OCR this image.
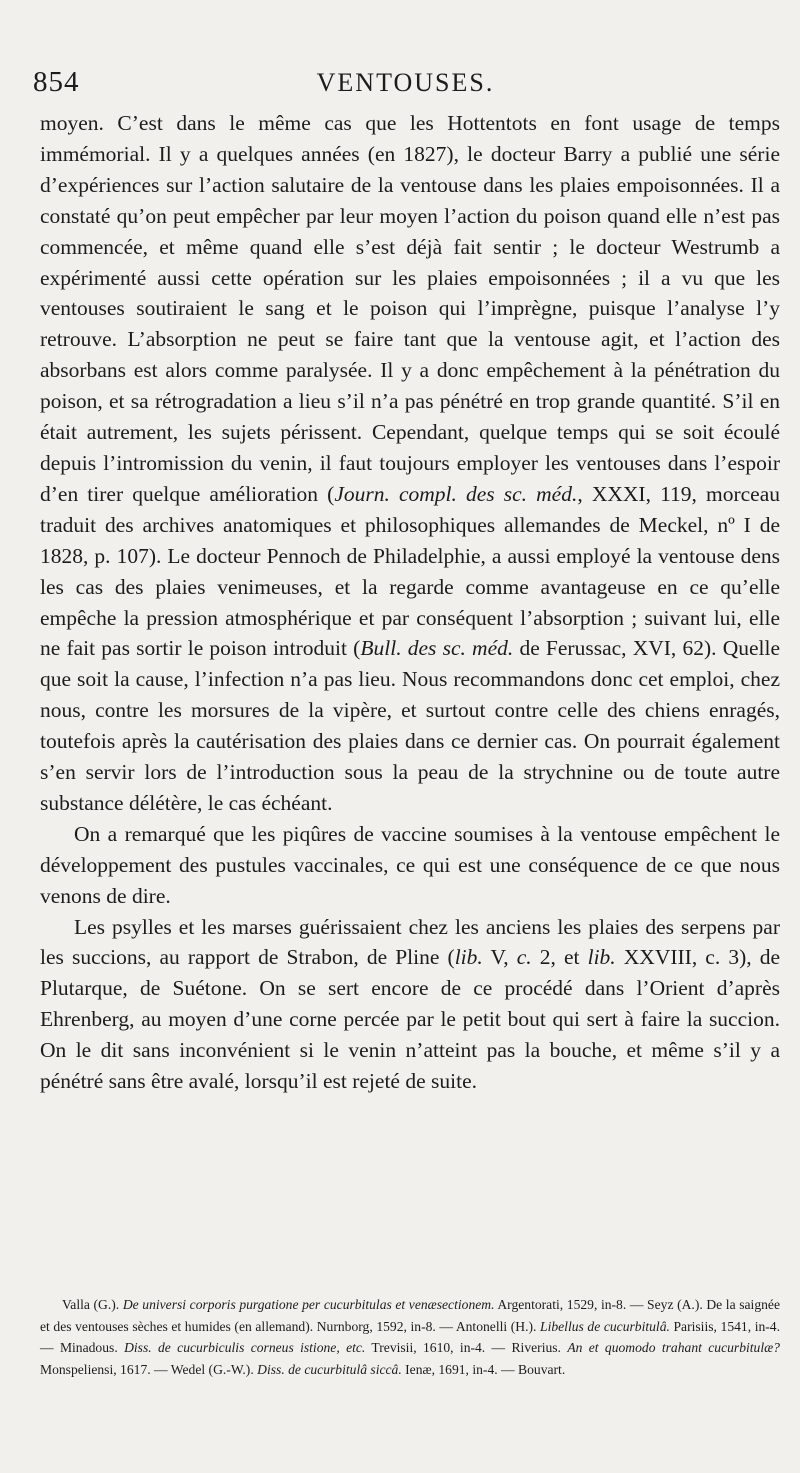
854	VENTOUSES.

moyen. C’est dans le même cas que les Hottentots en font usage de temps immémorial. Il y a quelques années (en 1827), le docteur Barry a publié une série d’expériences sur l’action salutaire de la ventouse dans les plaies empoisonnées. Il a constaté qu’on peut empêcher par leur moyen l’action du poison quand elle n’est pas commencée, et même quand elle s’est déjà fait sentir ; le docteur Westrumb a expérimenté aussi cette opération sur les plaies empoisonnées ; il a vu que les ventouses soutiraient le sang et le poison qui l’imprègne, puisque l’analyse l’y retrouve. L’absorption ne peut se faire tant que la ventouse agit, et l’action des absorbans est alors comme paralysée. Il y a donc empêchement à la pénétration du poison, et sa rétrogradation a lieu s’il n’a pas pénétré en trop grande quantité. S’il en était autrement, les sujets périssent. Cependant, quelque temps qui se soit écoulé depuis l’intromission du venin, il faut toujours employer les ventouses dans l’espoir d’en tirer quelque amélioration (Journ. compl. des sc. méd., XXXI, 119, morceau traduit des archives anatomiques et philosophiques allemandes de Meckel, nº I de 1828, p. 107). Le docteur Pennoch de Philadelphie, a aussi employé la ventouse dens les cas des plaies venimeuses, et la regarde comme avantageuse en ce qu’elle empêche la pression atmosphérique et par conséquent l’absorption ; suivant lui, elle ne fait pas sortir le poison introduit (Bull. des sc. méd. de Ferussac, XVI, 62). Quelle que soit la cause, l’infection n’a pas lieu. Nous recommandons donc cet emploi, chez nous, contre les morsures de la vipère, et surtout contre celle des chiens enragés, toutefois après la cautérisation des plaies dans ce dernier cas. On pourrait également s’en servir lors de l’introduction sous la peau de la strychnine ou de toute autre substance délétère, le cas échéant.

On a remarqué que les piqûres de vaccine soumises à la ventouse empêchent le développement des pustules vaccinales, ce qui est une conséquence de ce que nous venons de dire.

Les psylles et les marses guérissaient chez les anciens les plaies des serpens par les succions, au rapport de Strabon, de Pline (lib. V, c. 2, et lib. XXVIII, c. 3), de Plutarque, de Suétone. On se sert encore de ce procédé dans l’Orient d’après Ehrenberg, au moyen d’une corne percée par le petit bout qui sert à faire la succion. On le dit sans inconvénient si le venin n’atteint pas la bouche, et même s’il y a pénétré sans être avalé, lorsqu’il est rejeté de suite.

Valla (G.). De universi corporis purgatione per cucurbitulas et venæsectionem. Argentorati, 1529, in-8. — Seyz (A.). De la saignée et des ventouses sèches et humides (en allemand). Nurnborg, 1592, in-8. — Antonelli (H.). Libellus de cucurbitulâ. Parisiis, 1541, in-4. — Minadous. Diss. de cucurbiculis corneus istione, etc. Trevisii, 1610, in-4. — Riverius. An et quomodo trahant cucurbitulæ? Monspeliensi, 1617. — Wedel (G.-W.). Diss. de cucurbitulâ siccâ. Ienæ, 1691, in-4. — Bouvart.
